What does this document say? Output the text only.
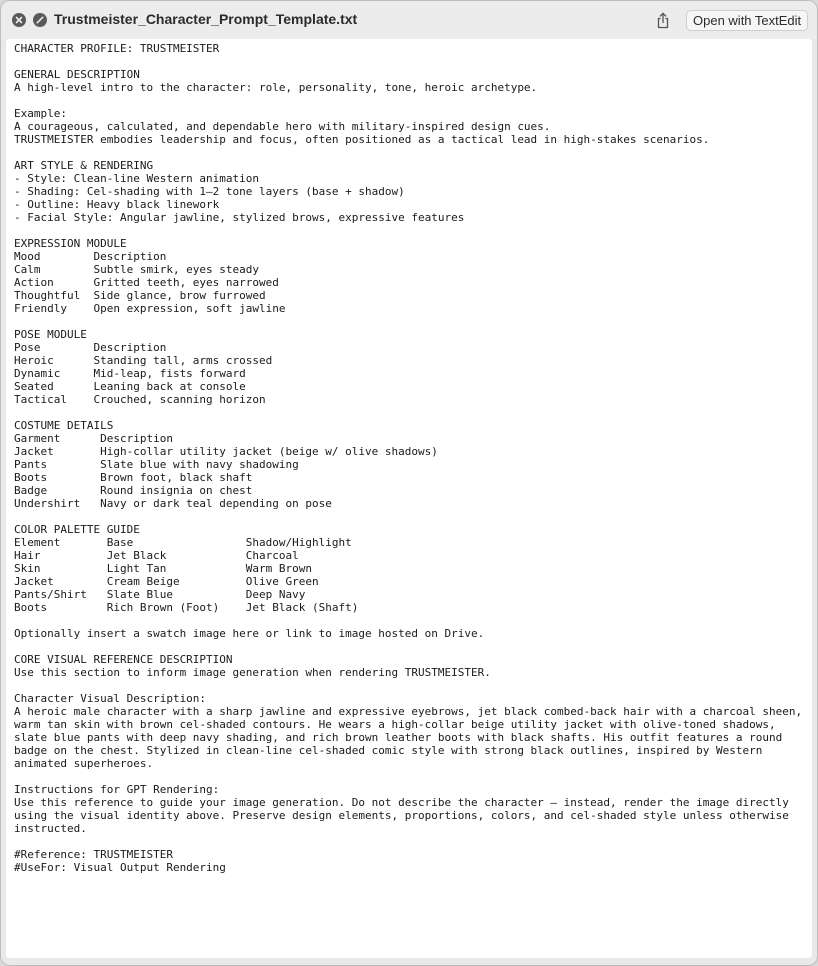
Trustmeister_Character_Prompt_Template.txt	Open with TextEdit
CHARACTER PROFILE: TRUSTMEISTER

GENERAL DESCRIPTION
A high-level intro to the character: role, personality, tone, heroic archetype.

Example:
A courageous, calculated, and dependable hero with military-inspired design cues.
TRUSTMEISTER embodies leadership and focus, often positioned as a tactical lead in high-stakes scenarios.

ART STYLE & RENDERING
- Style: Clean-line Western animation
- Shading: Cel-shading with 1–2 tone layers (base + shadow)
- Outline: Heavy black linework
- Facial Style: Angular jawline, stylized brows, expressive features

EXPRESSION MODULE
Mood        Description
Calm        Subtle smirk, eyes steady
Action      Gritted teeth, eyes narrowed
Thoughtful  Side glance, brow furrowed
Friendly    Open expression, soft jawline

POSE MODULE
Pose        Description
Heroic      Standing tall, arms crossed
Dynamic     Mid-leap, fists forward
Seated      Leaning back at console
Tactical    Crouched, scanning horizon

COSTUME DETAILS
Garment      Description
Jacket       High-collar utility jacket (beige w/ olive shadows)
Pants        Slate blue with navy shadowing
Boots        Brown foot, black shaft
Badge        Round insignia on chest
Undershirt   Navy or dark teal depending on pose

COLOR PALETTE GUIDE
Element       Base                 Shadow/Highlight
Hair          Jet Black            Charcoal
Skin          Light Tan            Warm Brown
Jacket        Cream Beige          Olive Green
Pants/Shirt   Slate Blue           Deep Navy
Boots         Rich Brown (Foot)    Jet Black (Shaft)

Optionally insert a swatch image here or link to image hosted on Drive.

CORE VISUAL REFERENCE DESCRIPTION
Use this section to inform image generation when rendering TRUSTMEISTER.

Character Visual Description:
A heroic male character with a sharp jawline and expressive eyebrows, jet black combed-back hair with a charcoal sheen,
warm tan skin with brown cel-shaded contours. He wears a high-collar beige utility jacket with olive-toned shadows,
slate blue pants with deep navy shading, and rich brown leather boots with black shafts. His outfit features a round
badge on the chest. Stylized in clean-line cel-shaded comic style with strong black outlines, inspired by Western
animated superheroes.

Instructions for GPT Rendering:
Use this reference to guide your image generation. Do not describe the character — instead, render the image directly
using the visual identity above. Preserve design elements, proportions, colors, and cel-shaded style unless otherwise
instructed.

#Reference: TRUSTMEISTER
#UseFor: Visual Output Rendering
